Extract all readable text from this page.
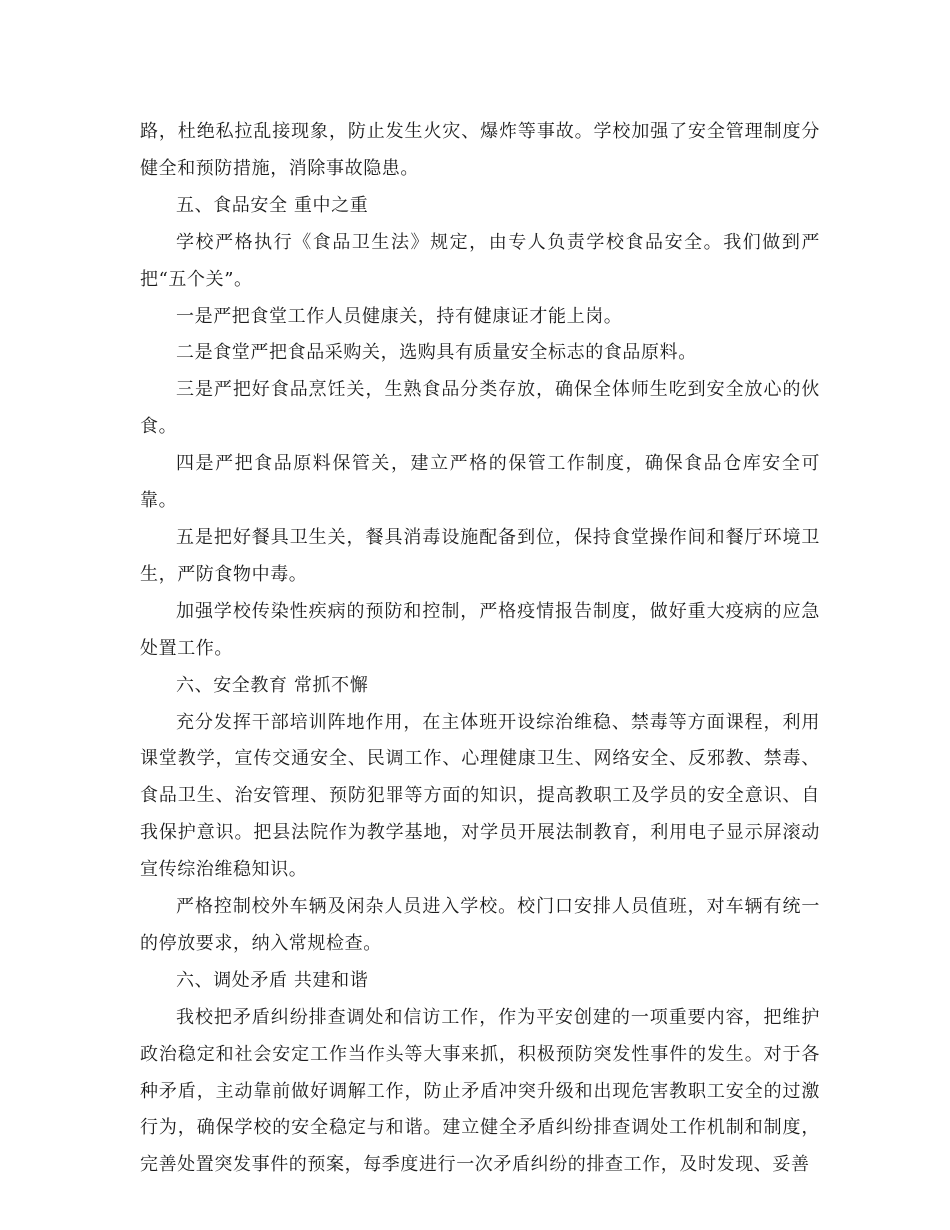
路，杜绝私拉乱接现象，防止发生火灾、爆炸等事故。学校加强了安全管理制度分健全和预防措施，消除事故隐患。

五、食品安全 重中之重

学校严格执行《食品卫生法》规定，由专人负责学校食品安全。我们做到严把“五个关”。

一是严把食堂工作人员健康关，持有健康证才能上岗。

二是食堂严把食品采购关，选购具有质量安全标志的食品原料。

三是严把好食品烹饪关，生熟食品分类存放，确保全体师生吃到安全放心的伙食。

四是严把食品原料保管关，建立严格的保管工作制度，确保食品仓库安全可靠。

五是把好餐具卫生关，餐具消毒设施配备到位，保持食堂操作间和餐厅环境卫生，严防食物中毒。

加强学校传染性疾病的预防和控制，严格疫情报告制度，做好重大疫病的应急处置工作。

六、安全教育 常抓不懈

充分发挥干部培训阵地作用，在主体班开设综治维稳、禁毒等方面课程，利用课堂教学，宣传交通安全、民调工作、心理健康卫生、网络安全、反邪教、禁毒、食品卫生、治安管理、预防犯罪等方面的知识，提高教职工及学员的安全意识、自我保护意识。把县法院作为教学基地，对学员开展法制教育，利用电子显示屏滚动宣传综治维稳知识。

严格控制校外车辆及闲杂人员进入学校。校门口安排人员值班，对车辆有统一的停放要求，纳入常规检查。

六、调处矛盾 共建和谐

我校把矛盾纠纷排查调处和信访工作，作为平安创建的一项重要内容，把维护政治稳定和社会安定工作当作头等大事来抓，积极预防突发性事件的发生。对于各种矛盾，主动靠前做好调解工作，防止矛盾冲突升级和出现危害教职工安全的过激行为，确保学校的安全稳定与和谐。建立健全矛盾纠纷排查调处工作机制和制度，完善处置突发事件的预案，每季度进行一次矛盾纠纷的排查工作，及时发现、妥善
